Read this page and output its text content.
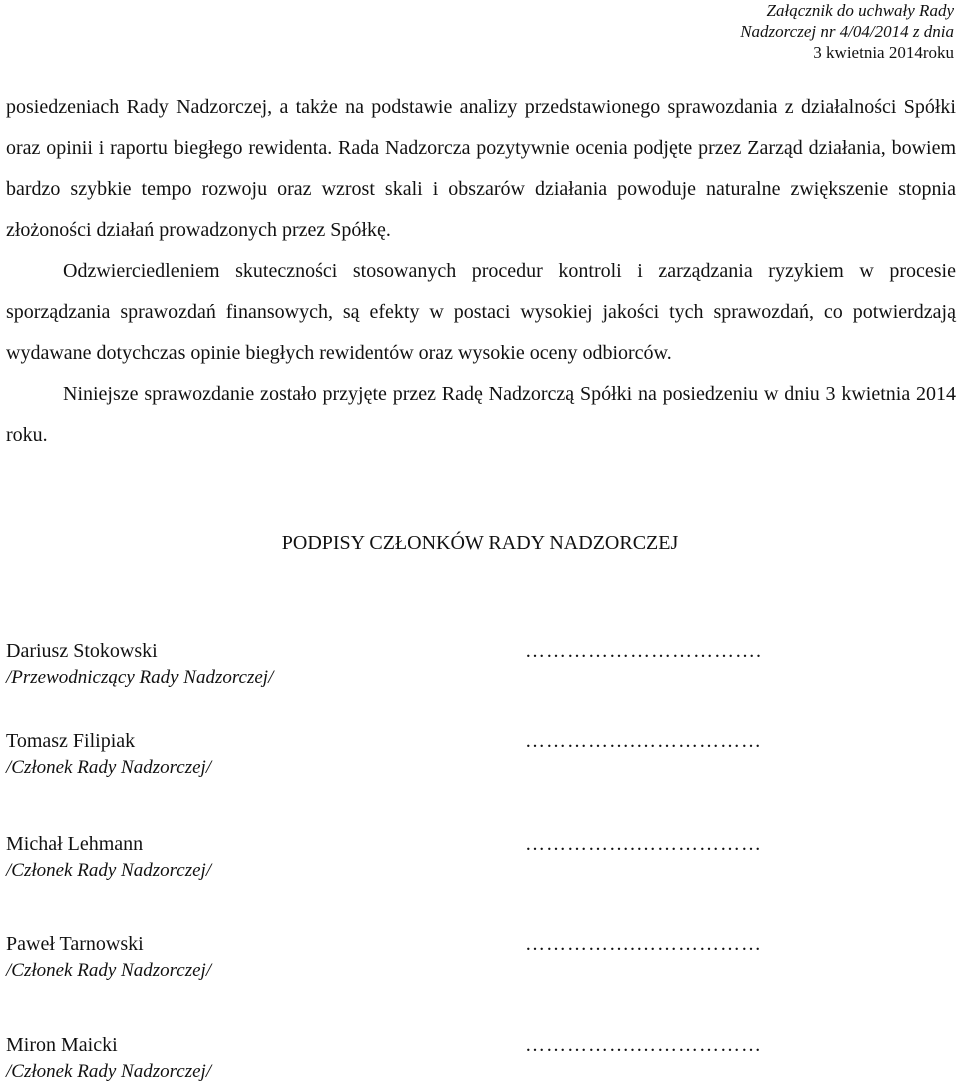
Załącznik do uchwały Rady
Nadzorczej nr 4/04/2014 z dnia
3 kwietnia 2014roku

posiedzeniach Rady Nadzorczej, a także na podstawie analizy przedstawionego sprawozdania z działalności Spółki oraz opinii i raportu biegłego rewidenta. Rada Nadzorcza pozytywnie ocenia podjęte przez Zarząd działania, bowiem bardzo szybkie tempo rozwoju oraz wzrost skali i obszarów działania powoduje naturalne zwiększenie stopnia złożoności działań prowadzonych przez Spółkę.

Odzwierciedleniem skuteczności stosowanych procedur kontroli i zarządzania ryzykiem w procesie sporządzania sprawozdań finansowych, są efekty w postaci wysokiej jakości tych sprawozdań, co potwierdzają wydawane dotychczas opinie biegłych rewidentów oraz wysokie oceny odbiorców.

Niniejsze sprawozdanie zostało przyjęte przez Radę Nadzorczą Spółki na posiedzeniu w dniu 3 kwietnia 2014 roku.

PODPISY CZŁONKÓW RADY NADZORCZEJ
Dariusz Stokowski
/Przewodniczący Rady Nadzorczej/
…………………………….
Tomasz Filipiak
/Członek Rady Nadzorczej/
…………….………………
Michał Lehmann
/Członek Rady Nadzorczej/
…………….………………
Paweł Tarnowski
/Członek Rady Nadzorczej/
…………….………………
Miron Maicki
/Członek Rady Nadzorczej/
…………….………………
